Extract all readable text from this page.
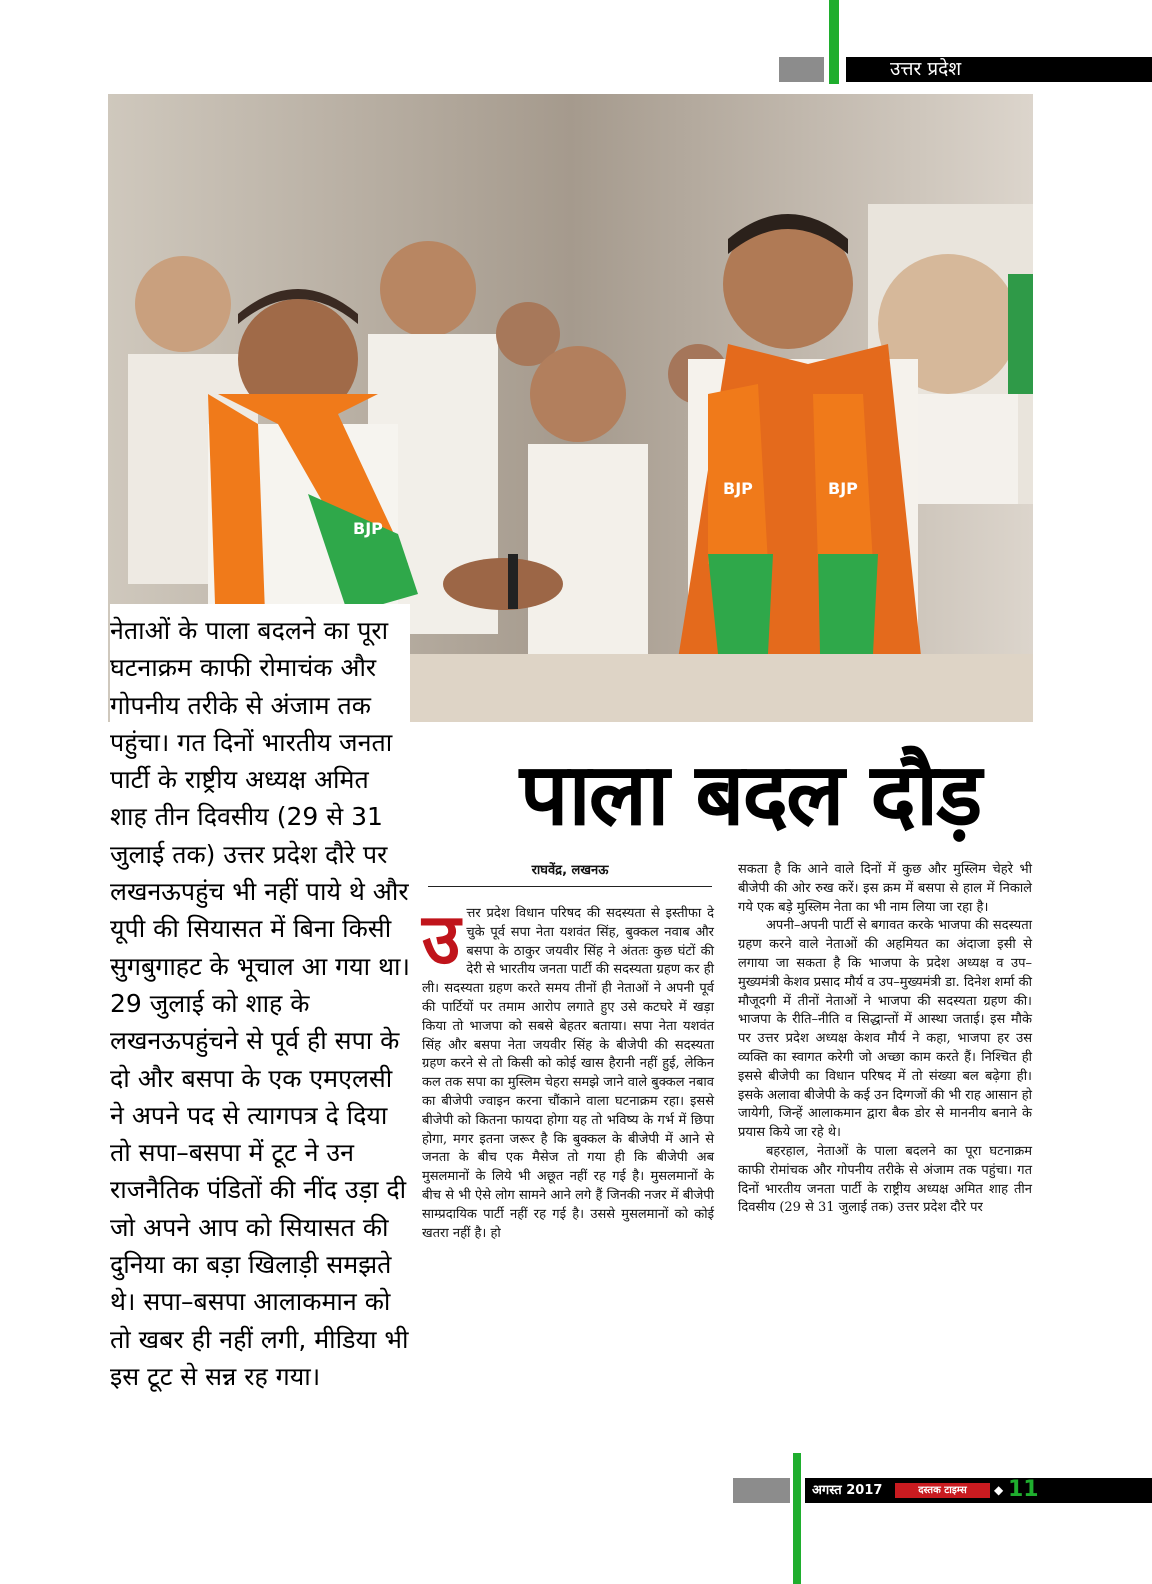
उत्तर प्रदेश
BJP
BJP	BJP
नेताओं के पाला बदलने का पूरा घटनाक्रम काफी रोमाचंक और गोपनीय तरीके से अंजाम तक पहुंचा। गत दिनों भारतीय जनता पार्टी के राष्ट्रीय अध्यक्ष अमित शाह तीन दिवसीय (29 से 31 जुलाई तक) उत्तर प्रदेश दौरे पर लखनऊपहुंच भी नहीं पाये थे और यूपी की सियासत में बिना किसी सुगबुगाहट के भूचाल आ गया था। 29 जुलाई को शाह के लखनऊपहुंचने से पूर्व ही सपा के दो और बसपा के एक एमएलसी ने अपने पद से त्यागपत्र दे दिया तो सपा–बसपा में टूट ने उन राजनैतिक पंडितों की नींद उड़ा दी जो अपने आप को सियासत की दुनिया का बड़ा खिलाड़ी समझते थे। सपा–बसपा आलाकमान को तो खबर ही नहीं लगी, मीडिया भी इस टूट से सन्न रह गया।
पाला बदल दौड़
राघवेंद्र, लखनऊ
उत्तर प्रदेश विधान परिषद की सदस्यता से इस्तीफा दे चुके पूर्व सपा नेता यशवंत सिंह, बुक्कल नवाब और बसपा के ठाकुर जयवीर सिंह ने अंततः कुछ घंटों की देरी से भारतीय जनता पार्टी की सदस्यता ग्रहण कर ही ली। सदस्यता ग्रहण करते समय तीनों ही नेताओं ने अपनी पूर्व की पार्टियों पर तमाम आरोप लगाते हुए उसे कटघरे में खड़ा किया तो भाजपा को सबसे बेहतर बताया। सपा नेता यशवंत सिंह और बसपा नेता जयवीर सिंह के बीजेपी की सदस्यता ग्रहण करने से तो किसी को कोई खास हैरानी नहीं हुई, लेकिन कल तक सपा का मुस्लिम चेहरा समझे जाने वाले बुक्कल नबाव का बीजेपी ज्वाइन करना चौंकाने वाला घटनाक्रम रहा। इससे बीजेपी को कितना फायदा होगा यह तो भविष्य के गर्भ में छिपा होगा, मगर इतना जरूर है कि बुक्कल के बीजेपी में आने से जनता के बीच एक मैसेज तो गया ही कि बीजेपी अब मुसलमानों के लिये भी अछूत नहीं रह गई है। मुसलमानों के बीच से भी ऐसे लोग सामने आने लगे हैं जिनकी नजर में बीजेपी साम्प्रदायिक पार्टी नहीं रह गई है। उससे मुसलमानों को कोई खतरा नहीं है। हो

सकता है कि आने वाले दिनों में कुछ और मुस्लिम चेहरे भी बीजेपी की ओर रुख करें। इस क्रम में बसपा से हाल में निकाले गये एक बड़े मुस्लिम नेता का भी नाम लिया जा रहा है।

अपनी–अपनी पार्टी से बगावत करके भाजपा की सदस्यता ग्रहण करने वाले नेताओं की अहमियत का अंदाजा इसी से लगाया जा सकता है कि भाजपा के प्रदेश अध्यक्ष व उप–मुख्यमंत्री केशव प्रसाद मौर्य व उप–मुख्यमंत्री डा. दिनेश शर्मा की मौजूदगी में तीनों नेताओं ने भाजपा की सदस्यता ग्रहण की। भाजपा के रीति–नीति व सिद्धान्तों में आस्था जताई। इस मौके पर उत्तर प्रदेश अध्यक्ष केशव मौर्य ने कहा, भाजपा हर उस व्यक्ति का स्वागत करेगी जो अच्छा काम करते हैं। निश्चित ही इससे बीजेपी का विधान परिषद में तो संख्या बल बढ़ेगा ही। इसके अलावा बीजेपी के कई उन दिग्गजों की भी राह आसान हो जायेगी, जिन्हें आलाकमान द्वारा बैक डोर से माननीय बनाने के प्रयास किये जा रहे थे।

बहरहाल, नेताओं के पाला बदलने का पूरा घटनाक्रम काफी रोमांचक और गोपनीय तरीके से अंजाम तक पहुंचा। गत दिनों भारतीय जनता पार्टी के राष्ट्रीय अध्यक्ष अमित शाह तीन दिवसीय (29 से 31 जुलाई तक) उत्तर प्रदेश दौरे पर

अगस्त 2017	दस्तक टाइम्स	◆ 11
